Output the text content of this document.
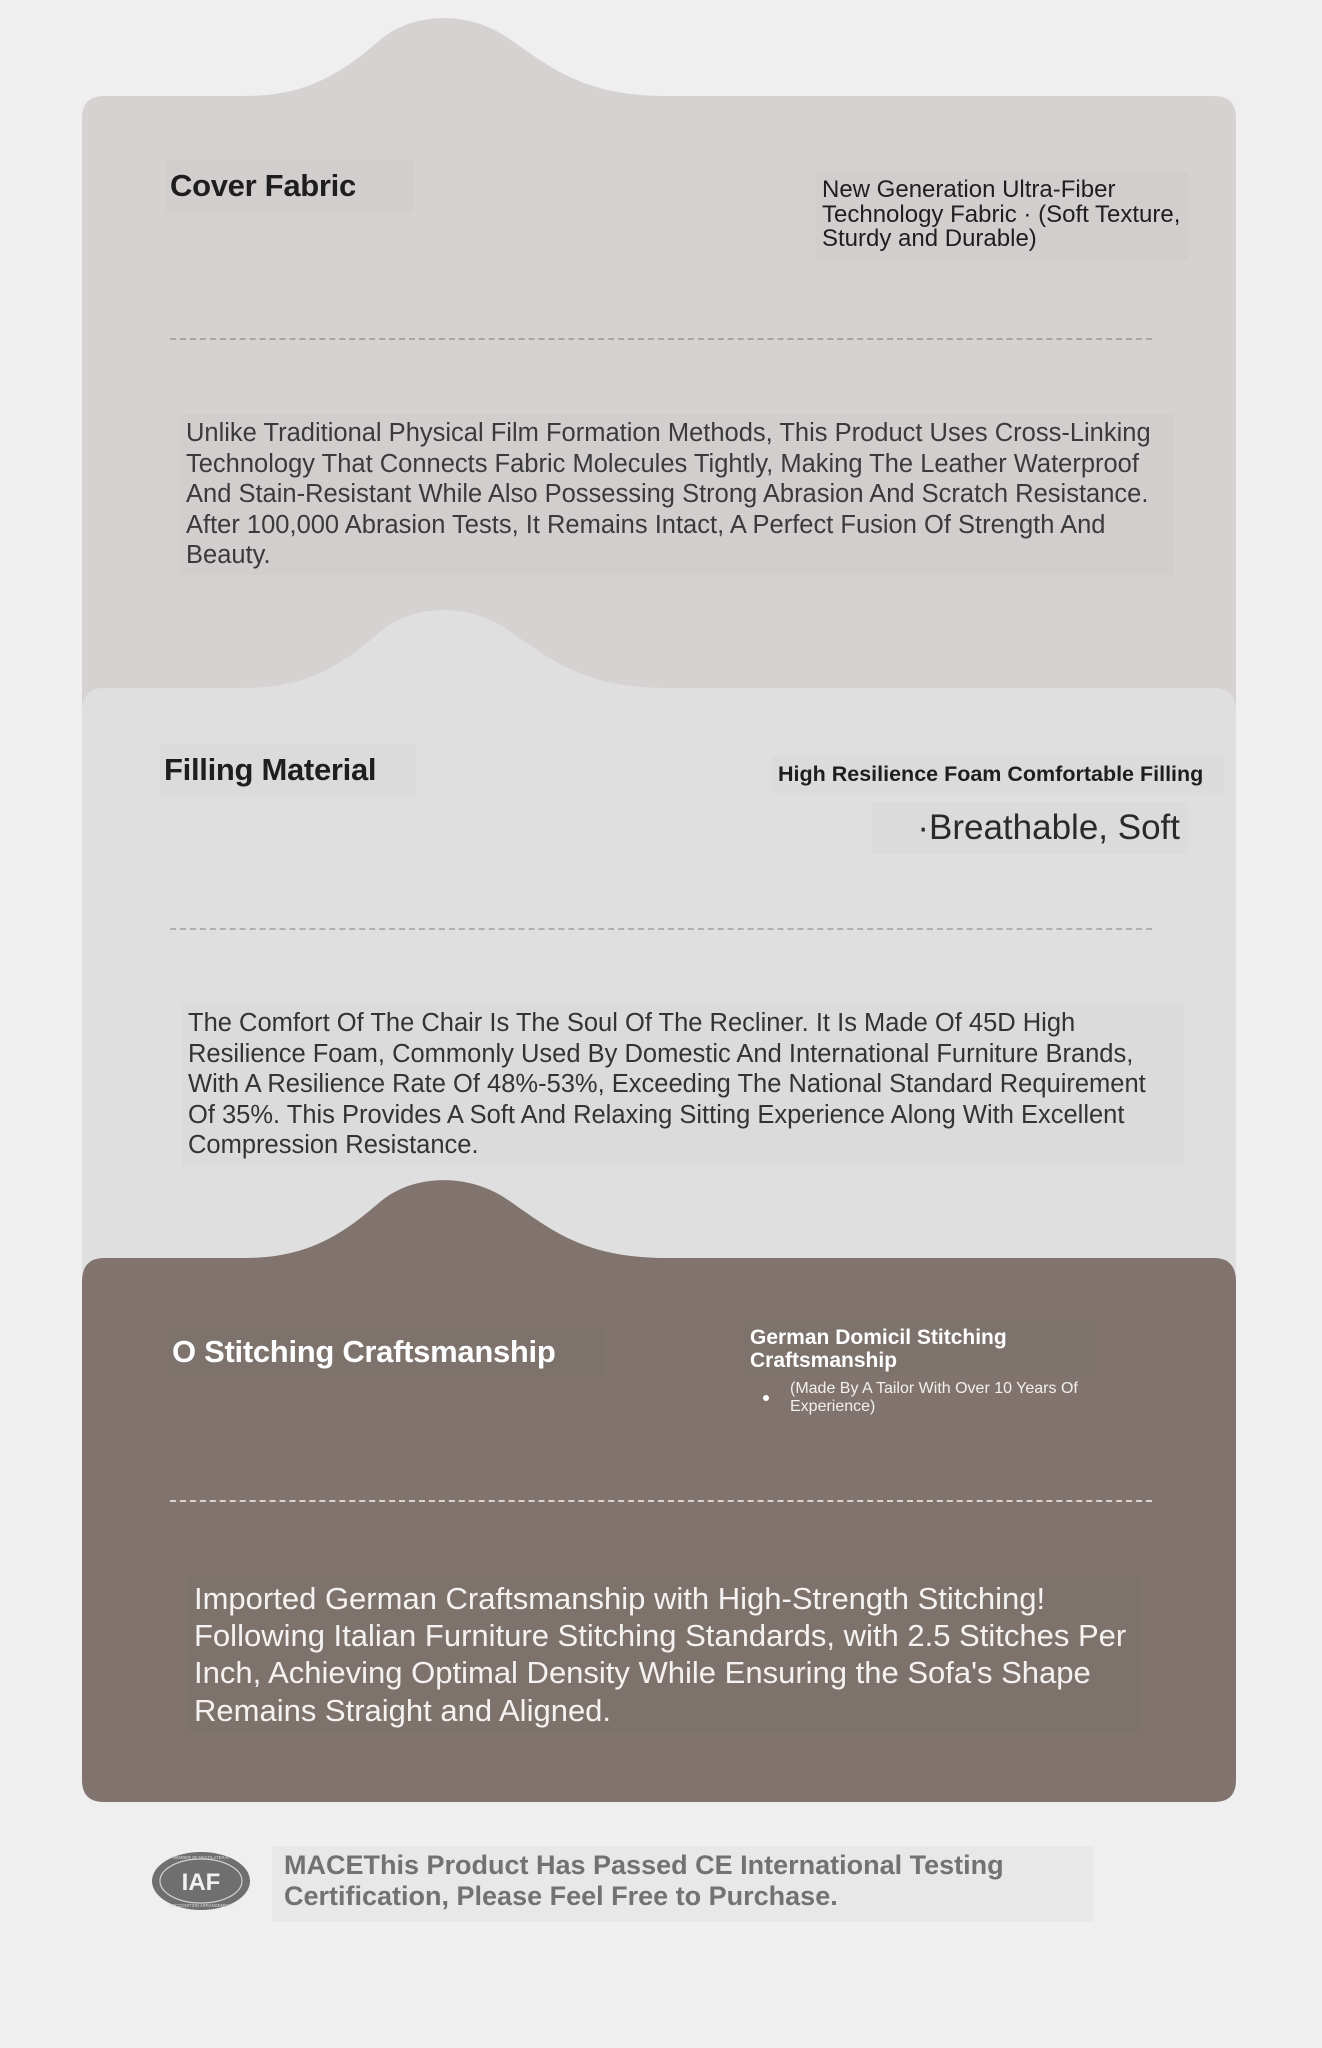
Cover Fabric	New Generation Ultra-Fiber Technology Fabric · (Soft Texture, Sturdy and Durable)
Unlike Traditional Physical Film Formation Methods, This Product Uses Cross-Linking Technology That Connects Fabric Molecules Tightly, Making The Leather Waterproof And Stain-Resistant While Also Possessing Strong Abrasion And Scratch Resistance. After 100,000 Abrasion Tests, It Remains Intact, A Perfect Fusion Of Strength And Beauty.
Filling Material	High Resilience Foam Comfortable Filling
·Breathable, Soft
The Comfort Of The Chair Is The Soul Of The Recliner. It Is Made Of 45D High Resilience Foam, Commonly Used By Domestic And International Furniture Brands, With A Resilience Rate Of 48%-53%, Exceeding The National Standard Requirement Of 35%. This Provides A Soft And Relaxing Sitting Experience Along With Excellent Compression Resistance.
O Stitching Craftsmanship	German Domicil Stitching Craftsmanship
(Made By A Tailor With Over 10 Years Of Experience)
Imported German Craftsmanship with High-Strength Stitching! Following Italian Furniture Stitching Standards, with 2.5 Stitches Per Inch, Achieving Optimal Density While Ensuring the Sofa's Shape Remains Straight and Aligned.
IAF
MEMBER OF MULTILATERAL
RECOGNITION ARRANGEMENT
MACEThis Product Has Passed CE International Testing Certification, Please Feel Free to Purchase.
